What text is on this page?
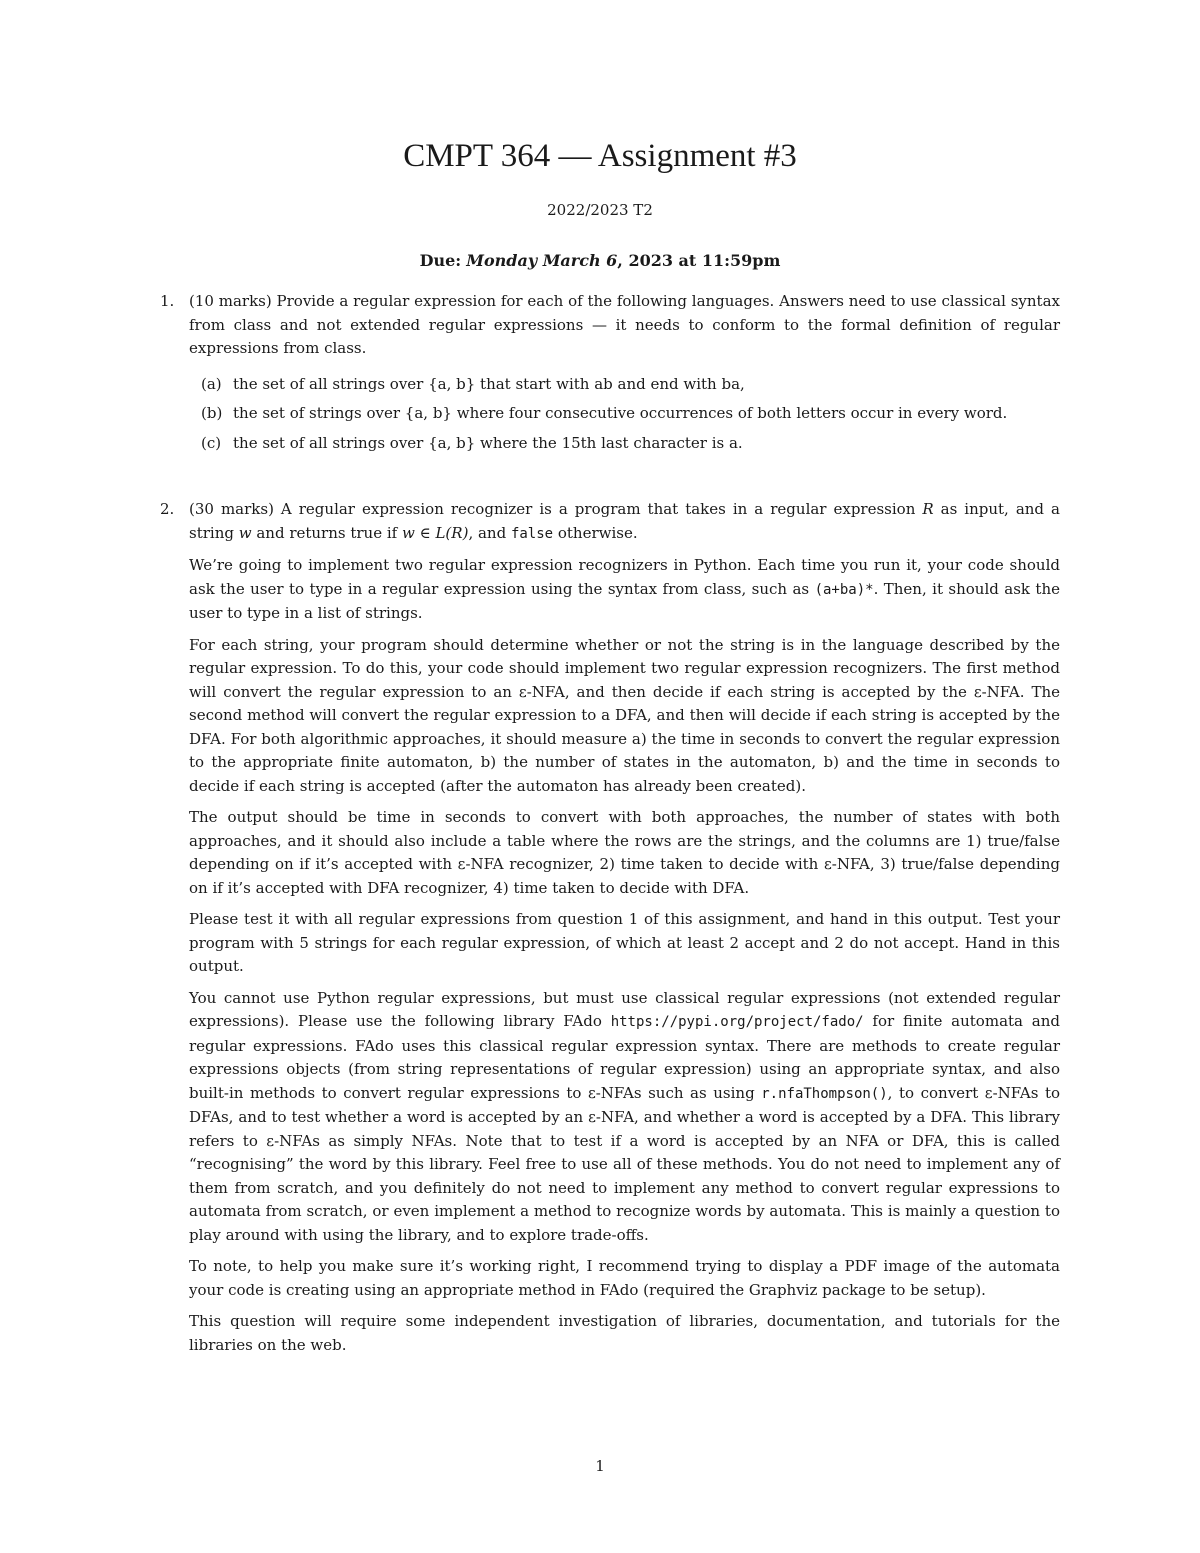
CMPT 364 — Assignment #3
2022/2023 T2
Due: Monday March 6, 2023 at 11:59pm
1. (10 marks) Provide a regular expression for each of the following languages. Answers need to use classical syntax from class and not extended regular expressions — it needs to conform to the formal definition of regular expressions from class.

(a) the set of all strings over {a, b} that start with ab and end with ba,
(b) the set of strings over {a, b} where four consecutive occurrences of both letters occur in every word.
(c) the set of all strings over {a, b} where the 15th last character is a.
2. (30 marks) A regular expression recognizer is a program that takes in a regular expression R as input, and a string w and returns true if w ∈ L(R), and false otherwise.

We’re going to implement two regular expression recognizers in Python. Each time you run it, your code should ask the user to type in a regular expression using the syntax from class, such as (a+ba)*. Then, it should ask the user to type in a list of strings.

For each string, your program should determine whether or not the string is in the language described by the regular expression. To do this, your code should implement two regular expression recognizers. The first method will convert the regular expression to an ε-NFA, and then decide if each string is accepted by the ε-NFA. The second method will convert the regular expression to a DFA, and then will decide if each string is accepted by the DFA. For both algorithmic approaches, it should measure a) the time in seconds to convert the regular expression to the appropriate finite automaton, b) the number of states in the automaton, b) and the time in seconds to decide if each string is accepted (after the automaton has already been created).

The output should be time in seconds to convert with both approaches, the number of states with both approaches, and it should also include a table where the rows are the strings, and the columns are 1) true/false depending on if it’s accepted with ε-NFA recognizer, 2) time taken to decide with ε-NFA, 3) true/false depending on if it’s accepted with DFA recognizer, 4) time taken to decide with DFA.

Please test it with all regular expressions from question 1 of this assignment, and hand in this output. Test your program with 5 strings for each regular expression, of which at least 2 accept and 2 do not accept. Hand in this output.

You cannot use Python regular expressions, but must use classical regular expressions (not extended regular expressions). Please use the following library FAdo https://pypi.org/project/fado/ for finite automata and regular expressions. FAdo uses this classical regular expression syntax. There are methods to create regular expressions objects (from string representations of regular expression) using an appropriate syntax, and also built-in methods to convert regular expressions to ε-NFAs such as using r.nfaThompson(), to convert ε-NFAs to DFAs, and to test whether a word is accepted by an ε-NFA, and whether a word is accepted by a DFA. This library refers to ε-NFAs as simply NFAs. Note that to test if a word is accepted by an NFA or DFA, this is called “recognising” the word by this library. Feel free to use all of these methods. You do not need to implement any of them from scratch, and you definitely do not need to implement any method to convert regular expressions to automata from scratch, or even implement a method to recognize words by automata. This is mainly a question to play around with using the library, and to explore trade-offs.

To note, to help you make sure it’s working right, I recommend trying to display a PDF image of the automata your code is creating using an appropriate method in FAdo (required the Graphviz package to be setup).

This question will require some independent investigation of libraries, documentation, and tutorials for the libraries on the web.

1
